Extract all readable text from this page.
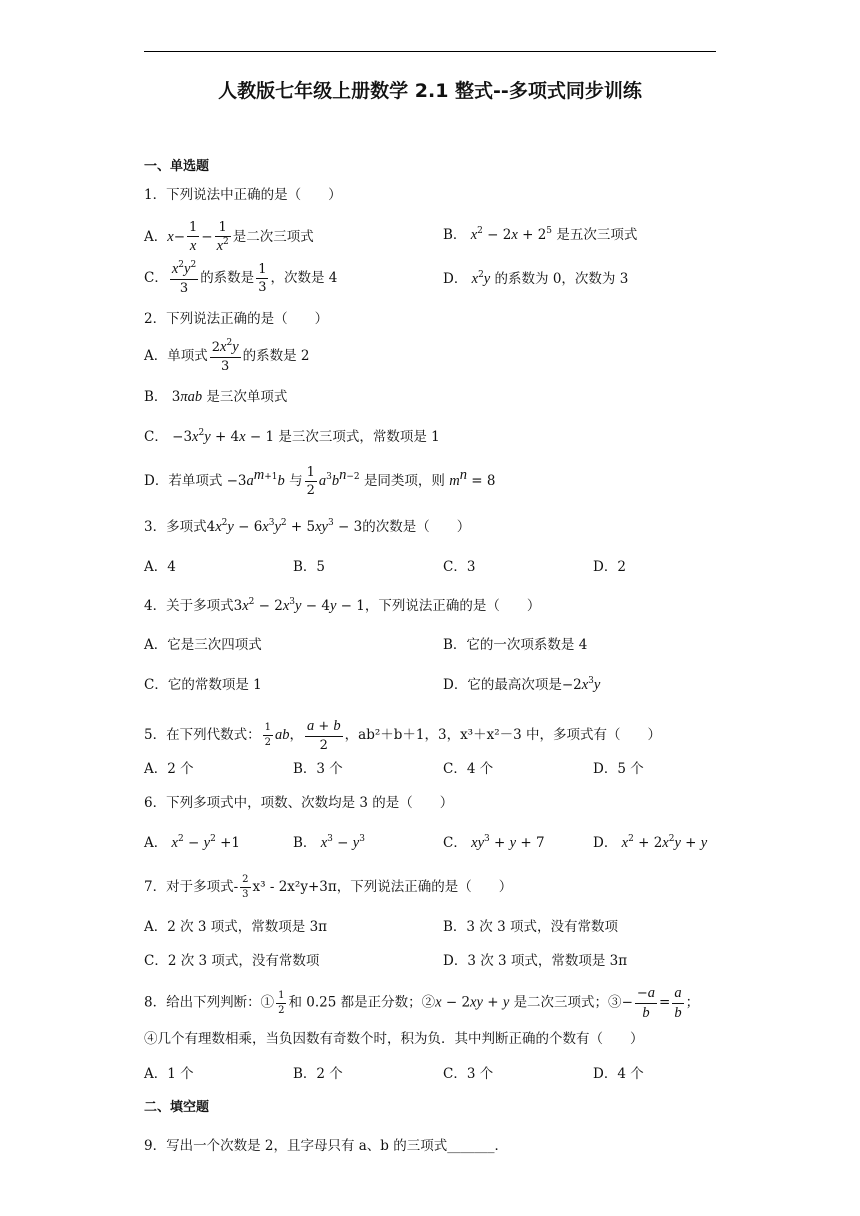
人教版七年级上册数学 2.1 整式--多项式同步训练
一、单选题
1．下列说法中正确的是（　　）
A．$x- \frac{1}{x} - \frac{1}{x^2}$ 是二次三项式	B． $x^2 - 2x + 2^5$ 是五次三项式
C． $\frac{x^2y^2}{3}$ 的系数是 $\frac{1}{3}$ ，次数是 4	D． $x^2y$ 的系数为 0，次数为 3
2．下列说法正确的是（　　）
A．单项式 $\frac{2x^2y}{3}$ 的系数是 2
B． 3πab 是三次单项式
C． $-3x^2y + 4x - 1$ 是三次三项式，常数项是 1
D．若单项式 $-3a^{m+1}b$ 与 $\frac{1}{2} a^3b^{n-2}$ 是同类项，则 $m^n = 8$
3．多项式$4x^2y - 6x^3y^2 + 5xy^3 - 3$的次数是（　　）
A．4	B．5	C．3	D．2
4．关于多项式$3x^2 - 2x^3y - 4y - 1$，下列说法正确的是（　　）
A．它是三次四项式	B．它的一次项系数是 4
C．它的常数项是 1	D．它的最高次项是$-2x^3y$
5．在下列代数式： $\frac{1}{2}$ ab， $\frac{a + b}{2}$ ，ab²＋b＋1，3，x³＋x²－3 中，多项式有（　　）
A．2 个	B．3 个	C．4 个	D．5 个
6．下列多项式中，项数、次数均是 3 的是（　　）
A． $x^2 - y^2 +1$	B． $x^3 - y^3$	C． $xy^3 + y + 7$	D． $x^2 + 2x^2y + y$
7．对于多项式- $\frac{2}{3} x^3 - 2x^2y+3\pi$，下列说法正确的是（　　）
A．2 次 3 项式，常数项是 3π	B．3 次 3 项式，没有常数项
C．2 次 3 项式，没有常数项	D．3 次 3 项式，常数项是 3π
8．给出下列判断：① $\frac{1}{2}$ 和 0.25 都是正分数；②x − 2xy + y 是二次三项式；③− $\frac{-a}{b} = \frac{a}{b}$ ；
④几个有理数相乘，当负因数有奇数个时，积为负．其中判断正确的个数有（　　）
A．1 个	B．2 个	C．3 个	D．4 个
二、填空题
9．写出一个次数是 2，且字母只有 a、b 的三项式_______．
